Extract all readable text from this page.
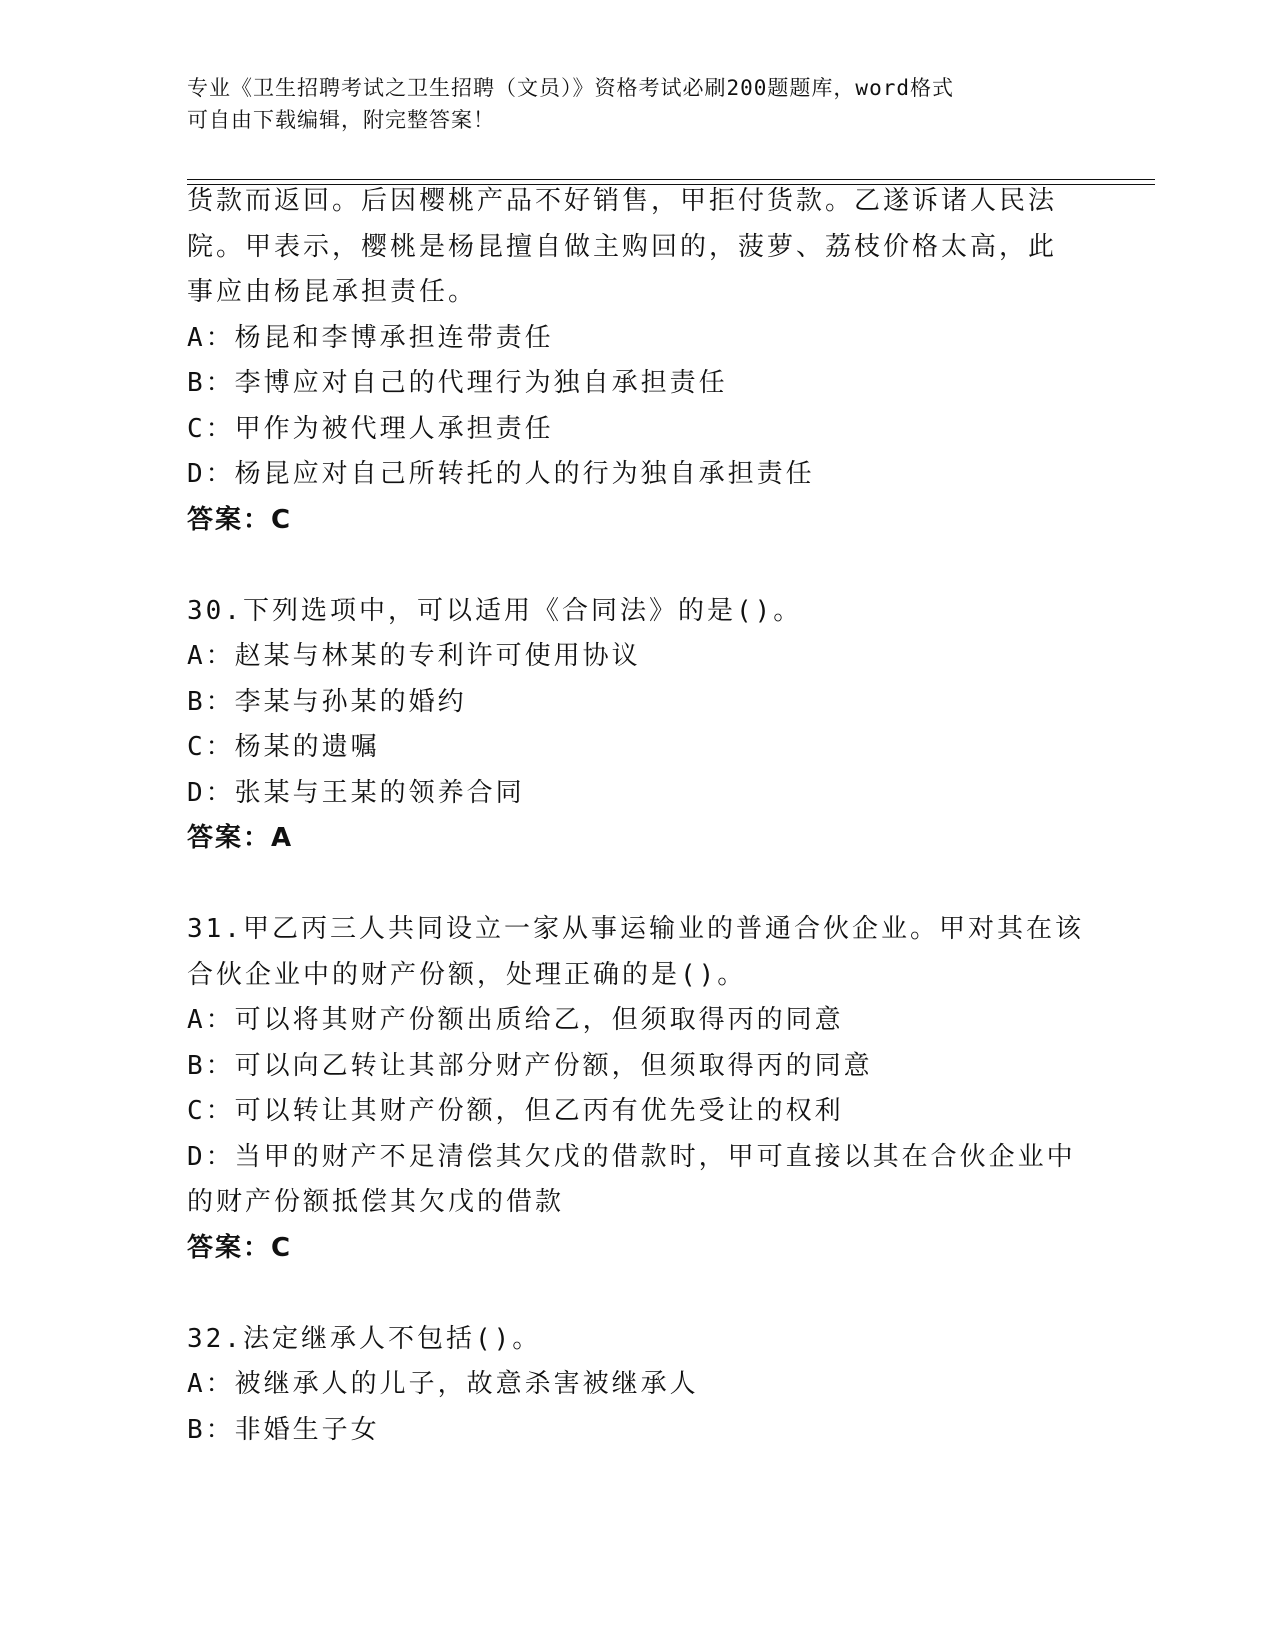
专业《卫生招聘考试之卫生招聘（文员）》资格考试必刷200题题库，word格式
可自由下载编辑，附完整答案！
货款而返回。后因樱桃产品不好销售，甲拒付货款。乙遂诉诸人民法
院。甲表示，樱桃是杨昆擅自做主购回的，菠萝、荔枝价格太高，此
事应由杨昆承担责任。
A：杨昆和李博承担连带责任
B：李博应对自己的代理行为独自承担责任
C：甲作为被代理人承担责任
D：杨昆应对自己所转托的人的行为独自承担责任
答案：C
30.下列选项中，可以适用《合同法》的是()。
A：赵某与林某的专利许可使用协议
B：李某与孙某的婚约
C：杨某的遗嘱
D：张某与王某的领养合同
答案：A
31.甲乙丙三人共同设立一家从事运输业的普通合伙企业。甲对其在该
合伙企业中的财产份额，处理正确的是()。
A：可以将其财产份额出质给乙，但须取得丙的同意
B：可以向乙转让其部分财产份额，但须取得丙的同意
C：可以转让其财产份额，但乙丙有优先受让的权利
D：当甲的财产不足清偿其欠戊的借款时，甲可直接以其在合伙企业中
的财产份额抵偿其欠戊的借款
答案：C
32.法定继承人不包括()。
A：被继承人的儿子，故意杀害被继承人
B：非婚生子女
